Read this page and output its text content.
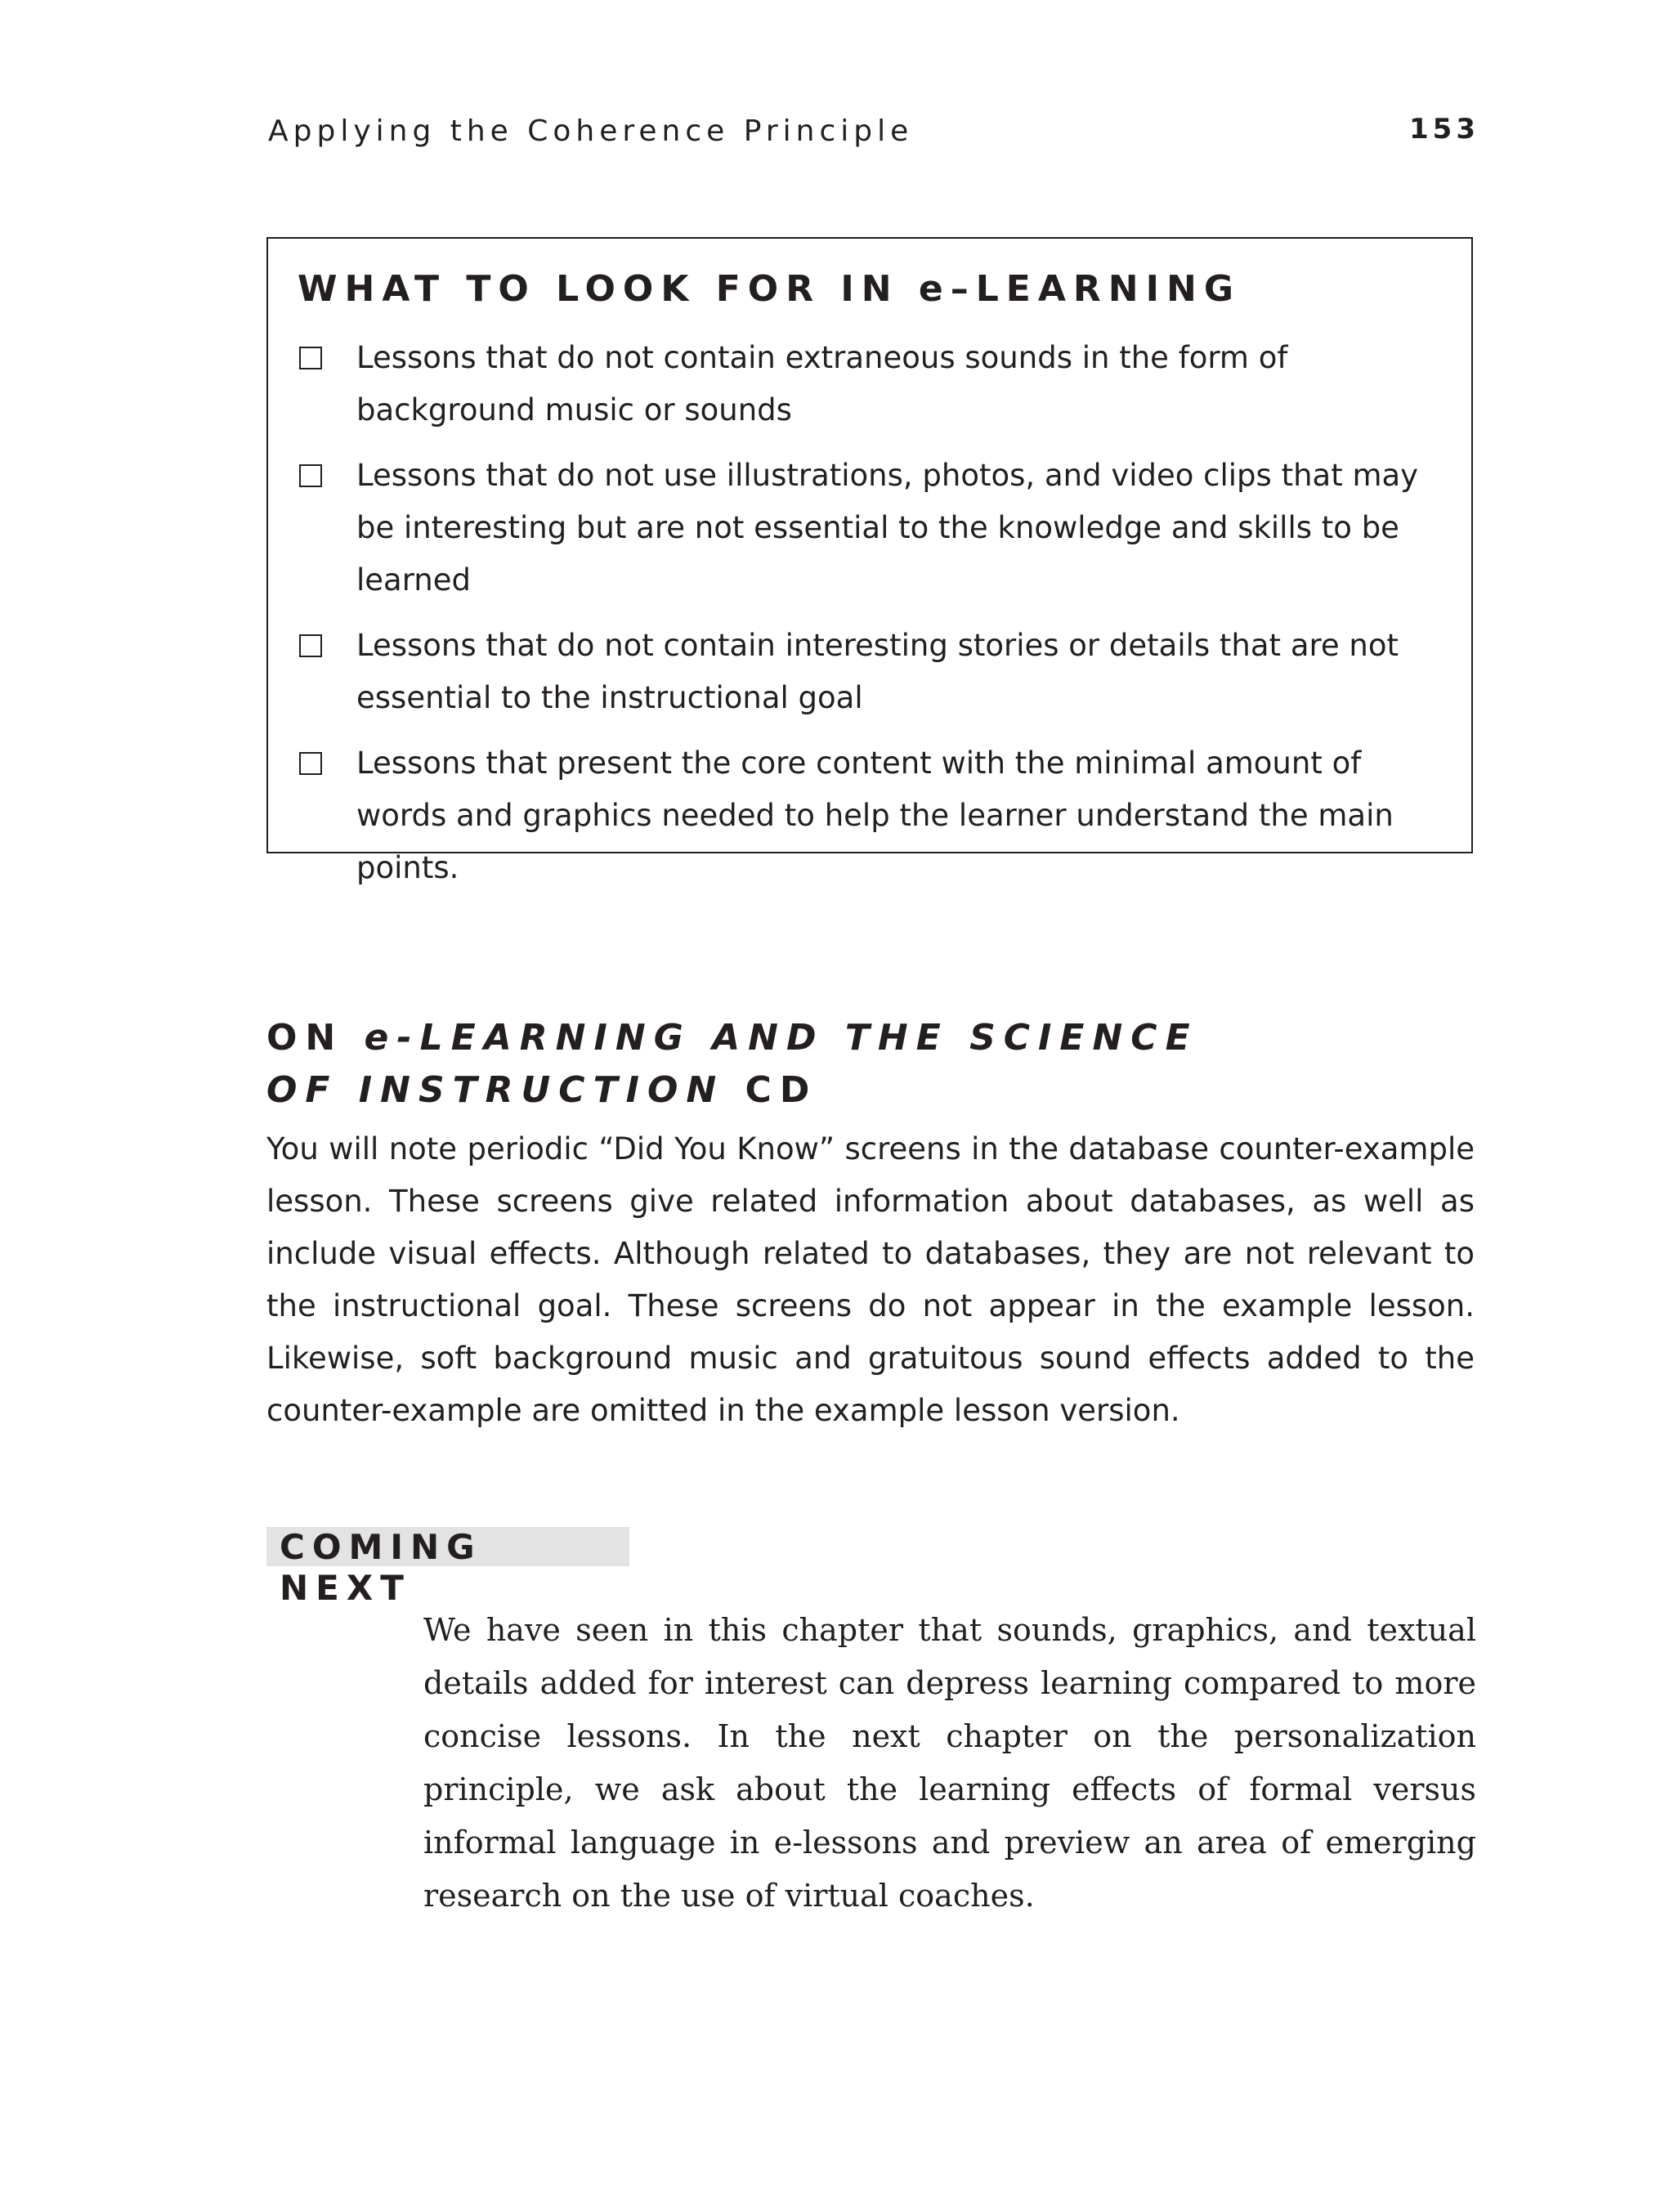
Applying the Coherence Principle	153
WHAT TO LOOK FOR IN e–LEARNING
Lessons that do not contain extraneous sounds in the form of background music or sounds
Lessons that do not use illustrations, photos, and video clips that may be interesting but are not essential to the knowledge and skills to be learned
Lessons that do not contain interesting stories or details that are not essential to the instructional goal
Lessons that present the core content with the minimal amount of words and graphics needed to help the learner understand the main points.
ON e-LEARNING AND THE SCIENCE
OF INSTRUCTION CD

You will note periodic “Did You Know” screens in the database counter-example lesson. These screens give related information about databases, as well as include visual effects. Although related to databases, they are not relevant to the instructional goal. These screens do not appear in the example lesson. Likewise, soft background music and gratuitous sound effects added to the counter-example are omitted in the example lesson version.

COMING NEXT

We have seen in this chapter that sounds, graphics, and textual details added for interest can depress learning compared to more concise lessons. In the next chapter on the personalization principle, we ask about the learning effects of formal versus informal language in e-lessons and preview an area of emerging research on the use of virtual coaches.
